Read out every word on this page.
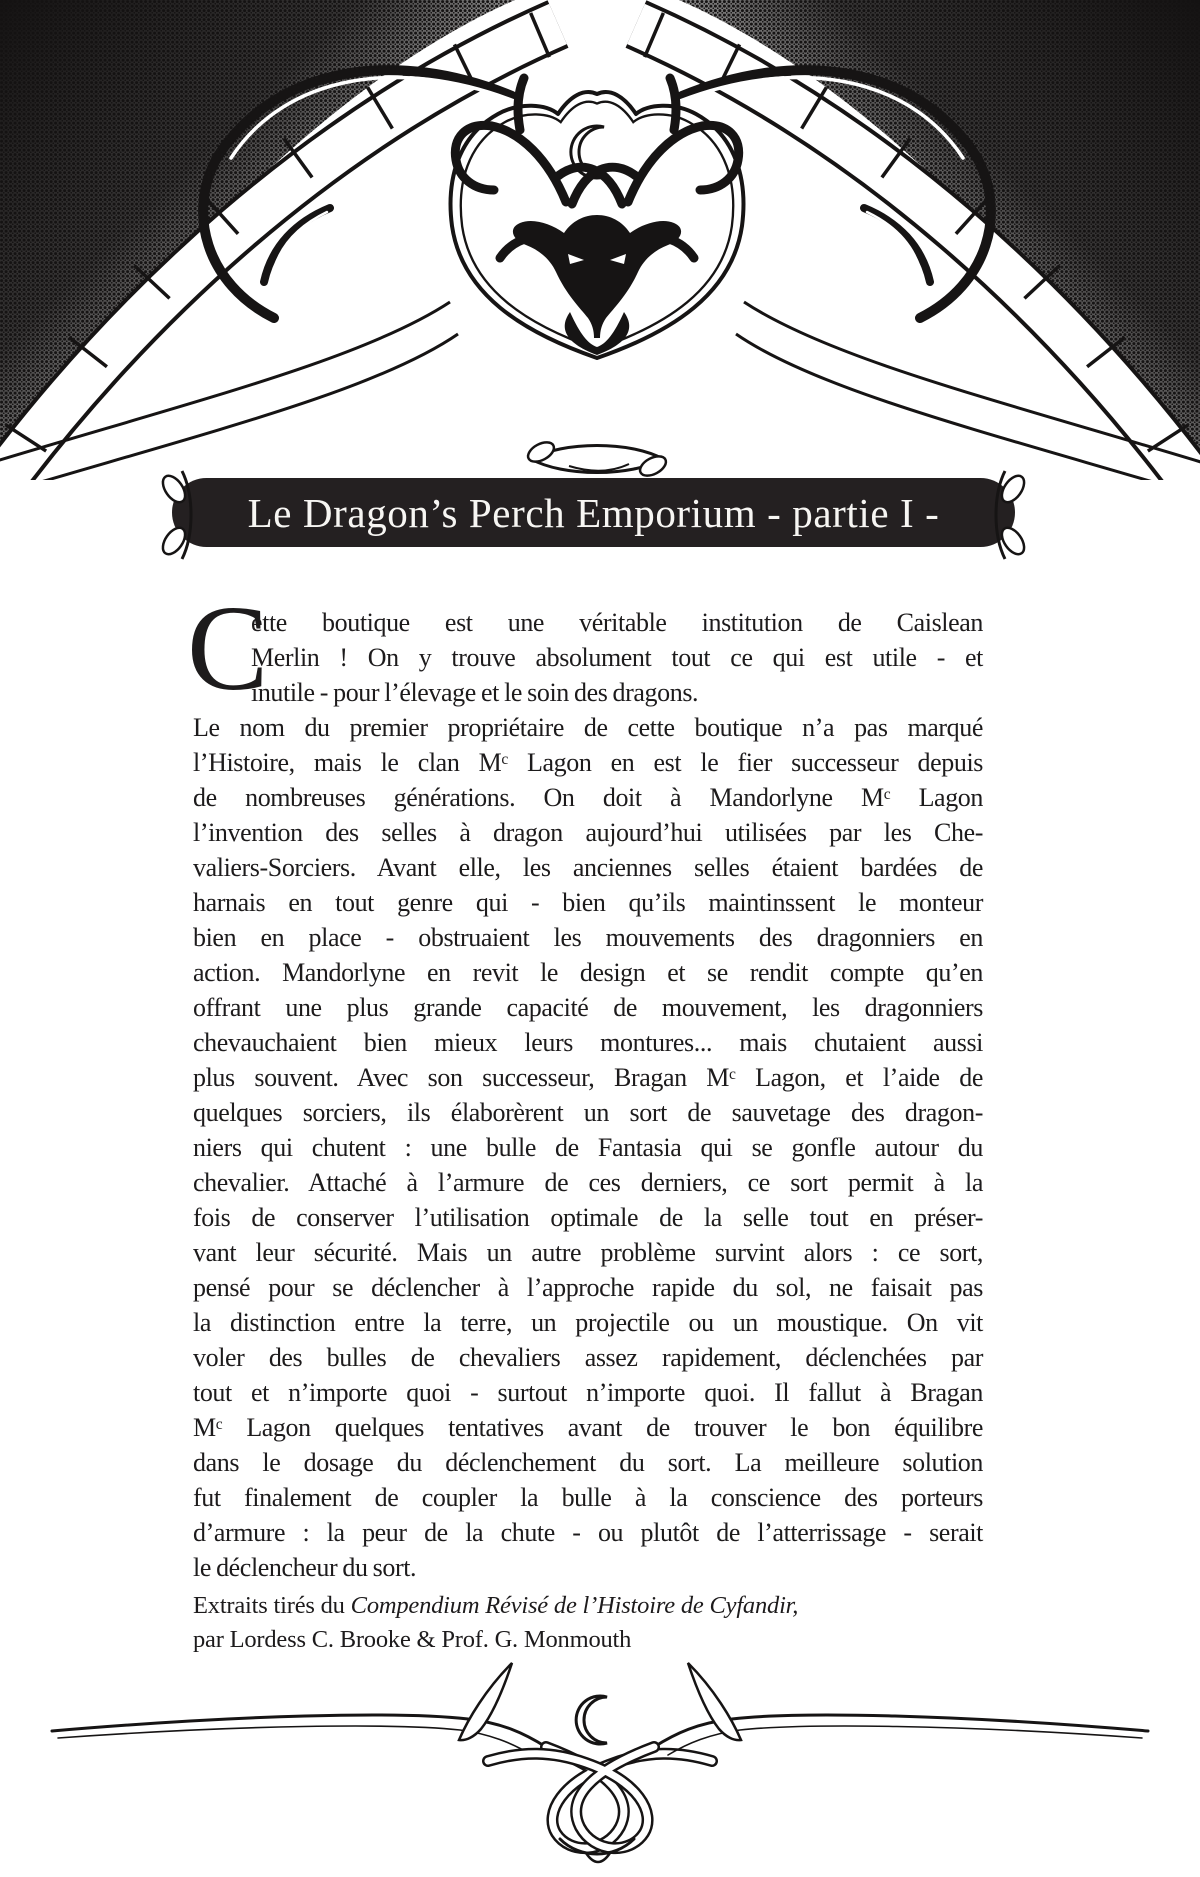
Le Dragon’s Perch Emporium - partie I -
C
ette boutique est une véritable institution de Caislean
Merlin ! On y trouve absolument tout ce qui est utile - et
inutile - pour l’élevage et le soin des dragons.
Le nom du premier propriétaire de cette boutique n’a pas marqué
l’Histoire, mais le clan $M^c$ Lagon en est le fier successeur depuis
de nombreuses générations. On doit à Mandorlyne $M^c$ Lagon
l’invention des selles à dragon aujourd’hui utilisées par les Che-
valiers-Sorciers. Avant elle, les anciennes selles étaient bardées de
harnais en tout genre qui - bien qu’ils maintinssent le monteur
bien en place - obstruaient les mouvements des dragonniers en
action. Mandorlyne en revit le design et se rendit compte qu’en
offrant une plus grande capacité de mouvement, les dragonniers
chevauchaient bien mieux leurs montures... mais chutaient aussi
plus souvent. Avec son successeur, Bragan $M^c$ Lagon, et l’aide de
quelques sorciers, ils élaborèrent un sort de sauvetage des dragon-
niers qui chutent : une bulle de Fantasia qui se gonfle autour du
chevalier. Attaché à l’armure de ces derniers, ce sort permit à la
fois de conserver l’utilisation optimale de la selle tout en préser-
vant leur sécurité. Mais un autre problème survint alors : ce sort,
pensé pour se déclencher à l’approche rapide du sol, ne faisait pas
la distinction entre la terre, un projectile ou un moustique. On vit
voler des bulles de chevaliers assez rapidement, déclenchées par
tout et n’importe quoi - surtout n’importe quoi. Il fallut à Bragan
$M^c$ Lagon quelques tentatives avant de trouver le bon équilibre
dans le dosage du déclenchement du sort. La meilleure solution
fut finalement de coupler la bulle à la conscience des porteurs
d’armure : la peur de la chute - ou plutôt de l’atterrissage - serait
le déclencheur du sort.
Extraits tirés du Compendium Révisé de l’Histoire de Cyfandir,
par Lordess C. Brooke & Prof. G. Monmouth
